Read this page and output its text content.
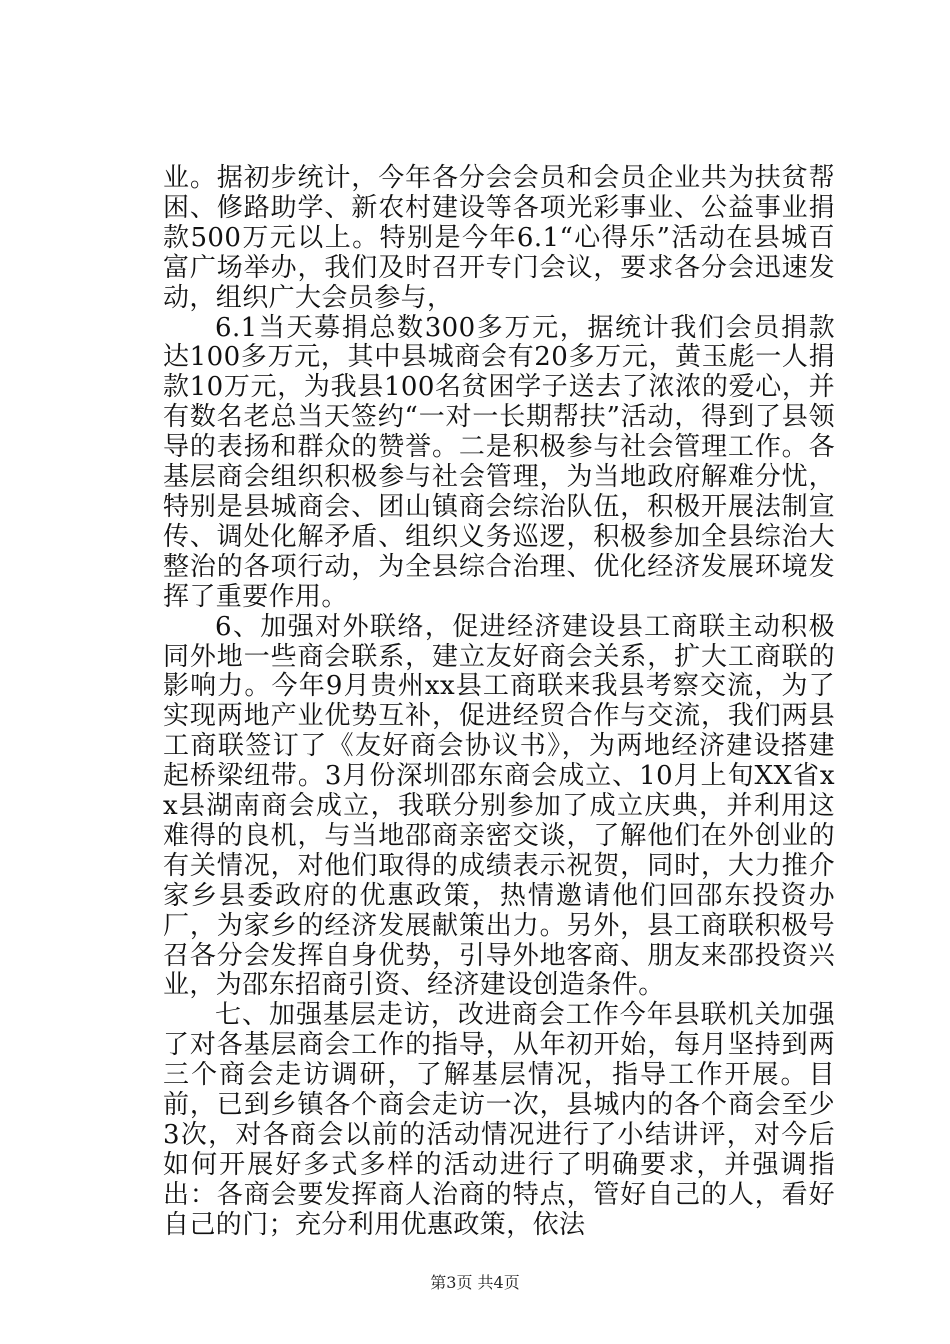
业。据初步统计，今年各分会会员和会员企业共为扶贫帮困、修路助学、新农村建设等各项光彩事业、公益事业捐款500万元以上。特别是今年6.1“心得乐”活动在县城百富广场举办，我们及时召开专门会议，要求各分会迅速发动，组织广大会员参与，

6.1当天募捐总数300多万元，据统计我们会员捐款达100多万元，其中县城商会有20多万元，黄玉彪一人捐款10万元，为我县100名贫困学子送去了浓浓的爱心，并有数名老总当天签约“一对一长期帮扶”活动，得到了县领导的表扬和群众的赞誉。二是积极参与社会管理工作。各基层商会组织积极参与社会管理，为当地政府解难分忧，特别是县城商会、团山镇商会综治队伍，积极开展法制宣传、调处化解矛盾、组织义务巡逻，积极参加全县综治大整治的各项行动，为全县综合治理、优化经济发展环境发挥了重要作用。

6、加强对外联络，促进经济建设县工商联主动积极同外地一些商会联系，建立友好商会关系，扩大工商联的影响力。今年9月贵州xx县工商联来我县考察交流，为了实现两地产业优势互补，促进经贸合作与交流，我们两县工商联签订了《友好商会协议书》，为两地经济建设搭建起桥梁纽带。3月份深圳邵东商会成立、10月上旬XX省xx县湖南商会成立，我联分别参加了成立庆典，并利用这难得的良机，与当地邵商亲密交谈，了解他们在外创业的有关情况，对他们取得的成绩表示祝贺，同时，大力推介家乡县委政府的优惠政策，热情邀请他们回邵东投资办厂，为家乡的经济发展献策出力。另外，县工商联积极号召各分会发挥自身优势，引导外地客商、朋友来邵投资兴业，为邵东招商引资、经济建设创造条件。

七、加强基层走访，改进商会工作今年县联机关加强了对各基层商会工作的指导，从年初开始，每月坚持到两三个商会走访调研，了解基层情况，指导工作开展。目前，已到乡镇各个商会走访一次，县城内的各个商会至少3次，对各商会以前的活动情况进行了小结讲评，对今后如何开展好多式多样的活动进行了明确要求，并强调指出：各商会要发挥商人治商的特点，管好自己的人，看好自己的门；充分利用优惠政策，依法

第3页 共4页
